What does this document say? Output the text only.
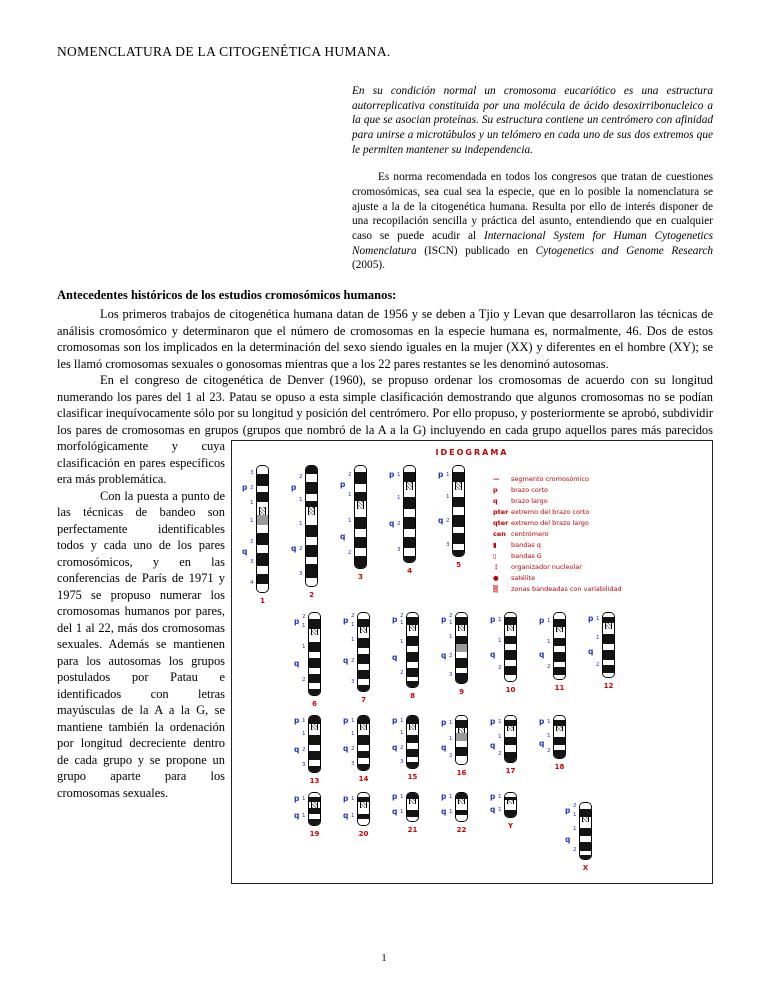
NOMENCLATURA DE LA CITOGENÉTICA HUMANA.

En su condición normal un cromosoma eucariótico es una estructura autorreplicativa constituida por una molécula de ácido desoxirribonucleico a la que se asocian proteínas. Su estructura contiene un centrómero con afinidad para unirse a microtúbulos y un telómero en cada uno de sus dos extremos que le permiten mantener su independencia.

Es norma recomendada en todos los congresos que tratan de cuestiones cromosómicas, sea cual sea la especie, que en lo posible la nomenclatura se ajuste a la de la citogenética humana. Resulta por ello de interés disponer de una recopilación sencilla y práctica del asunto, entendiendo que en cualquier caso se puede acudir al Internacional System for Human Cytogenetics Nomenclatura (ISCN) publicado en Cytogenetics and Genome Research (2005).

Antecedentes históricos de los estudios cromosómicos humanos:

Los primeros trabajos de citogenética humana datan de 1956 y se deben a Tjio y Levan que desarrollaron las técnicas de análisis cromosómico y determinaron que el número de cromosomas en la especie humana es, normalmente, 46. Dos de estos cromosomas son los implicados en la determinación del sexo siendo iguales en la mujer (XX) y diferentes en el hombre (XY); se les llamó cromosomas sexuales o gonosomas mientras que a los 22 pares restantes se les denominó autosomas.

En el congreso de citogenética de Denver (1960), se propuso ordenar los cromosomas de acuerdo con su longitud numerando los pares del 1 al 23. Patau se opuso a esta simple clasificación demostrando que algunos cromosomas no se podían clasificar inequívocamente sólo por su longitud y posición del centrómero. Por ello propuso, y posteriormente se aprobó, subdividir los pares de cromosomas en grupos (grupos que nombró de la A a la G) incluyendo en cada grupo aquellos pares más parecidos
IDEOGRAMA
p
q
3
2
1
1
2
3
4
1
p
q
2
1
1
2
3
2
p
q
2
1
1
2
3
p
q
1
1
2
3
4
p
q
1
1
2
3
5
—	segmento cromosómico
p	brazo corto
q	brazo largo
pter extremo del brazo corto
qter extremo del brazo largo
cen centrómero
▮	bandas q
▯	bandas G
⋮	organizador nucleolar
●	satélite
▒	zonas bandeadas con variabilidad
p
q
2
1
1
2
6
p
q
2
1
1
2
3
7
p
q
2
1
1
2
8
p
q
2
1
1
2
3
9
p
q
1
1
2
10
p
q
1
1
2
11
p
q
1
1
2
12
p
q
1
1
2
3
13
p
q
1
1
2
3
14
p
q
1
1
2
3
15
p
q
1
1
2
16
p
q
1
1
2
17
p
q
1
1
2
18
p
q
1
1
19
p
q
1
1
20
p
q
1
1
21
p
q
1
1
22
p
q
1
1
Y
p
q
2
1
1
2
X
morfológicamente y cuya clasificación en pares específicos era más problemática.

Con la puesta a punto de las técnicas de bandeo son perfectamente identificables todos y cada uno de los pares cromosómicos, y en las conferencias de París de 1971 y 1975 se propuso numerar los cromosomas humanos por pares, del 1 al 22, más dos cromosomas sexuales. Además se mantienen para los autosomas los grupos postulados por Patau e identificados con letras mayúsculas de la A a la G, se mantiene también la ordenación por longitud decreciente dentro de cada grupo y se propone un grupo aparte para los cromosomas sexuales.

1
